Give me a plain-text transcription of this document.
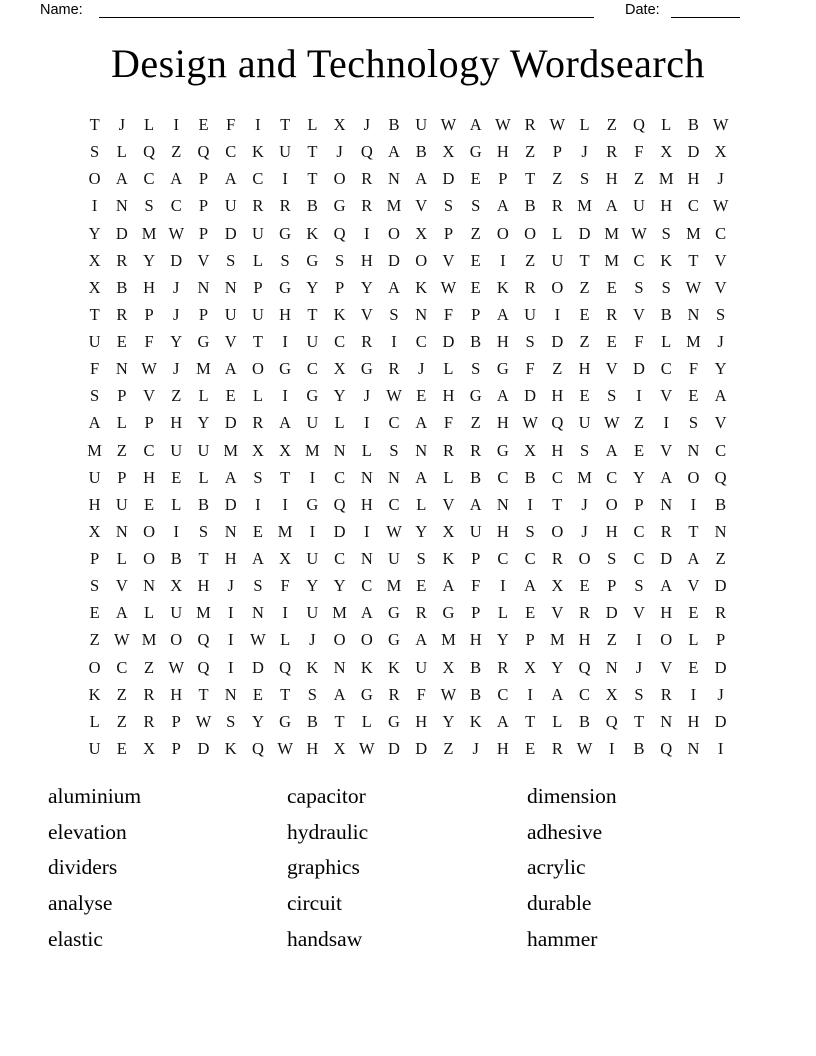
Name:	Date:
Design and Technology Wordsearch
T	J	L	I	E	F	I	T	L X	J	B U W A W R W L	Z Q L	B W
S	L Q Z Q C K U T	J	Q A B X G H Z	P	J	R	F	X D X
O A C A	P	A C	I	T O R N A D E	P	T	Z	S	H Z M H	J
I	N	S	C	P	U R R B G R M V	S	S	A B R M A U H C W
Y D M W P	D U G K Q	I	O X	P	Z O O L D M W S M C
X R Y D V	S	L	S	G	S	H D O V E	I	Z U T M C K T V
X B H	J	N N	P	G Y	P	Y A K W E K R O Z	E	S	S W V
T	R	P	J	P	U U H T K V	S	N	F	P	A U	I	E	R V B N	S
U E	F	Y G V T	I	U C R	I	C D B H	S	D Z	E	F	L M	J
F	N W J	M A O G C X G R	J	L	S	G	F	Z H V D C	F	Y
S	P	V Z	L	E	L	I	G Y	J W E H G A D H E	S	I	V E A
A L	P	H Y D R A U L	I	C A	F	Z H W Q U W Z	I	S	V
M Z	C U U M X X M N L	S	N R R G X H	S	A E V N C
U	P	H E	L A	S	T	I	C N N A L	B C B C M C Y A O Q
H U E	L	B D	I	I	G Q H C	L V A N	I	T	J	O	P	N	I	B
X N O	I	S	N E M	I	D	I	W Y X U H	S	O	J	H C R	T N
P	L O B	T H A X U C N U	S	K	P	C C R O	S	C D A Z
S	V N X H	J	S	F	Y Y C M E A	F	I	A X E	P	S	A V D
E A L U M	I	N	I	U M A G R G	P	L	E V R D V H E	R
Z W M O Q	I	W L	J	O O G A M H Y	P M H Z	I	O L	P
O C	Z W Q	I	D Q K N K K U X B R X Y Q N	J	V E D
K Z	R H T N E	T	S	A G R	F W B C	I	A C X	S	R	I	J
L	Z	R	P W S	Y G B	T	L G H Y K A T	L	B Q T N H D
U E X	P	D K Q W H X W D D Z	J	H E	R W	I	B Q N	I
aluminium
elevation
dividers
analyse
elastic
capacitor
hydraulic
graphics
circuit
handsaw
dimension
adhesive
acrylic
durable
hammer
